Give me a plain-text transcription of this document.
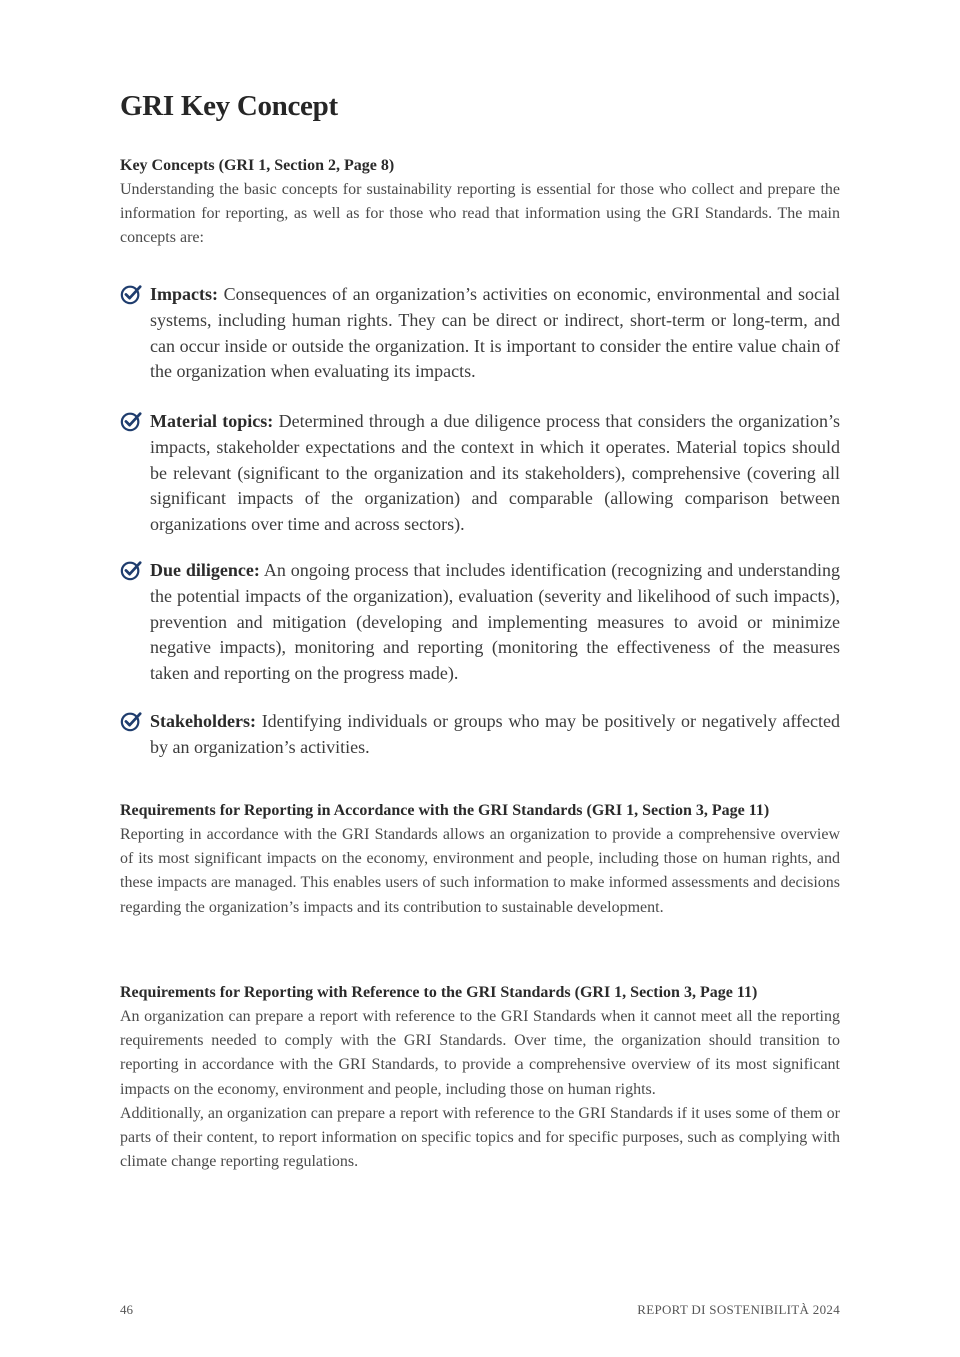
GRI Key Concept

Key Concepts (GRI 1, Section 2, Page 8)

Understanding the basic concepts for sustainability reporting is essential for those who collect and prepare the information for reporting, as well as for those who read that information using the GRI Standards. The main concepts are:

Impacts: Consequences of an organization’s activities on economic, environmental and social systems, including human rights. They can be direct or indirect, short-term or long-term, and can occur inside or outside the organization. It is important to consider the entire value chain of the organization when evaluating its impacts.

Material topics: Determined through a due diligence process that considers the organization’s impacts, stakeholder expectations and the context in which it operates. Material topics should be relevant (significant to the organization and its stakeholders), comprehensive (covering all significant impacts of the organization) and comparable (allowing comparison between organizations over time and across sectors).

Due diligence: An ongoing process that includes identification (recognizing and understanding the potential impacts of the organization), evaluation (severity and likelihood of such impacts), prevention and mitigation (developing and implementing measures to avoid or minimize negative impacts), monitoring and reporting (monitoring the effectiveness of the measures taken and reporting on the progress made).

Stakeholders: Identifying individuals or groups who may be positively or negatively affected by an organization’s activities.

Requirements for Reporting in Accordance with the GRI Standards (GRI 1, Section 3, Page 11)

Reporting in accordance with the GRI Standards allows an organization to provide a comprehensive overview of its most significant impacts on the economy, environment and people, including those on human rights, and these impacts are managed. This enables users of such information to make informed assessments and decisions regarding the organization’s impacts and its contribution to sustainable development.

Requirements for Reporting with Reference to the GRI Standards (GRI 1, Section 3, Page 11)

An organization can prepare a report with reference to the GRI Standards when it cannot meet all the reporting requirements needed to comply with the GRI Standards. Over time, the organization should transition to reporting in accordance with the GRI Standards, to provide a comprehensive overview of its most significant impacts on the economy, environment and people, including those on human rights.

Additionally, an organization can prepare a report with reference to the GRI Standards if it uses some of them or parts of their content, to report information on specific topics and for specific purposes, such as complying with climate change reporting regulations.

46	REPORT DI SOSTENIBILITÀ 2024
